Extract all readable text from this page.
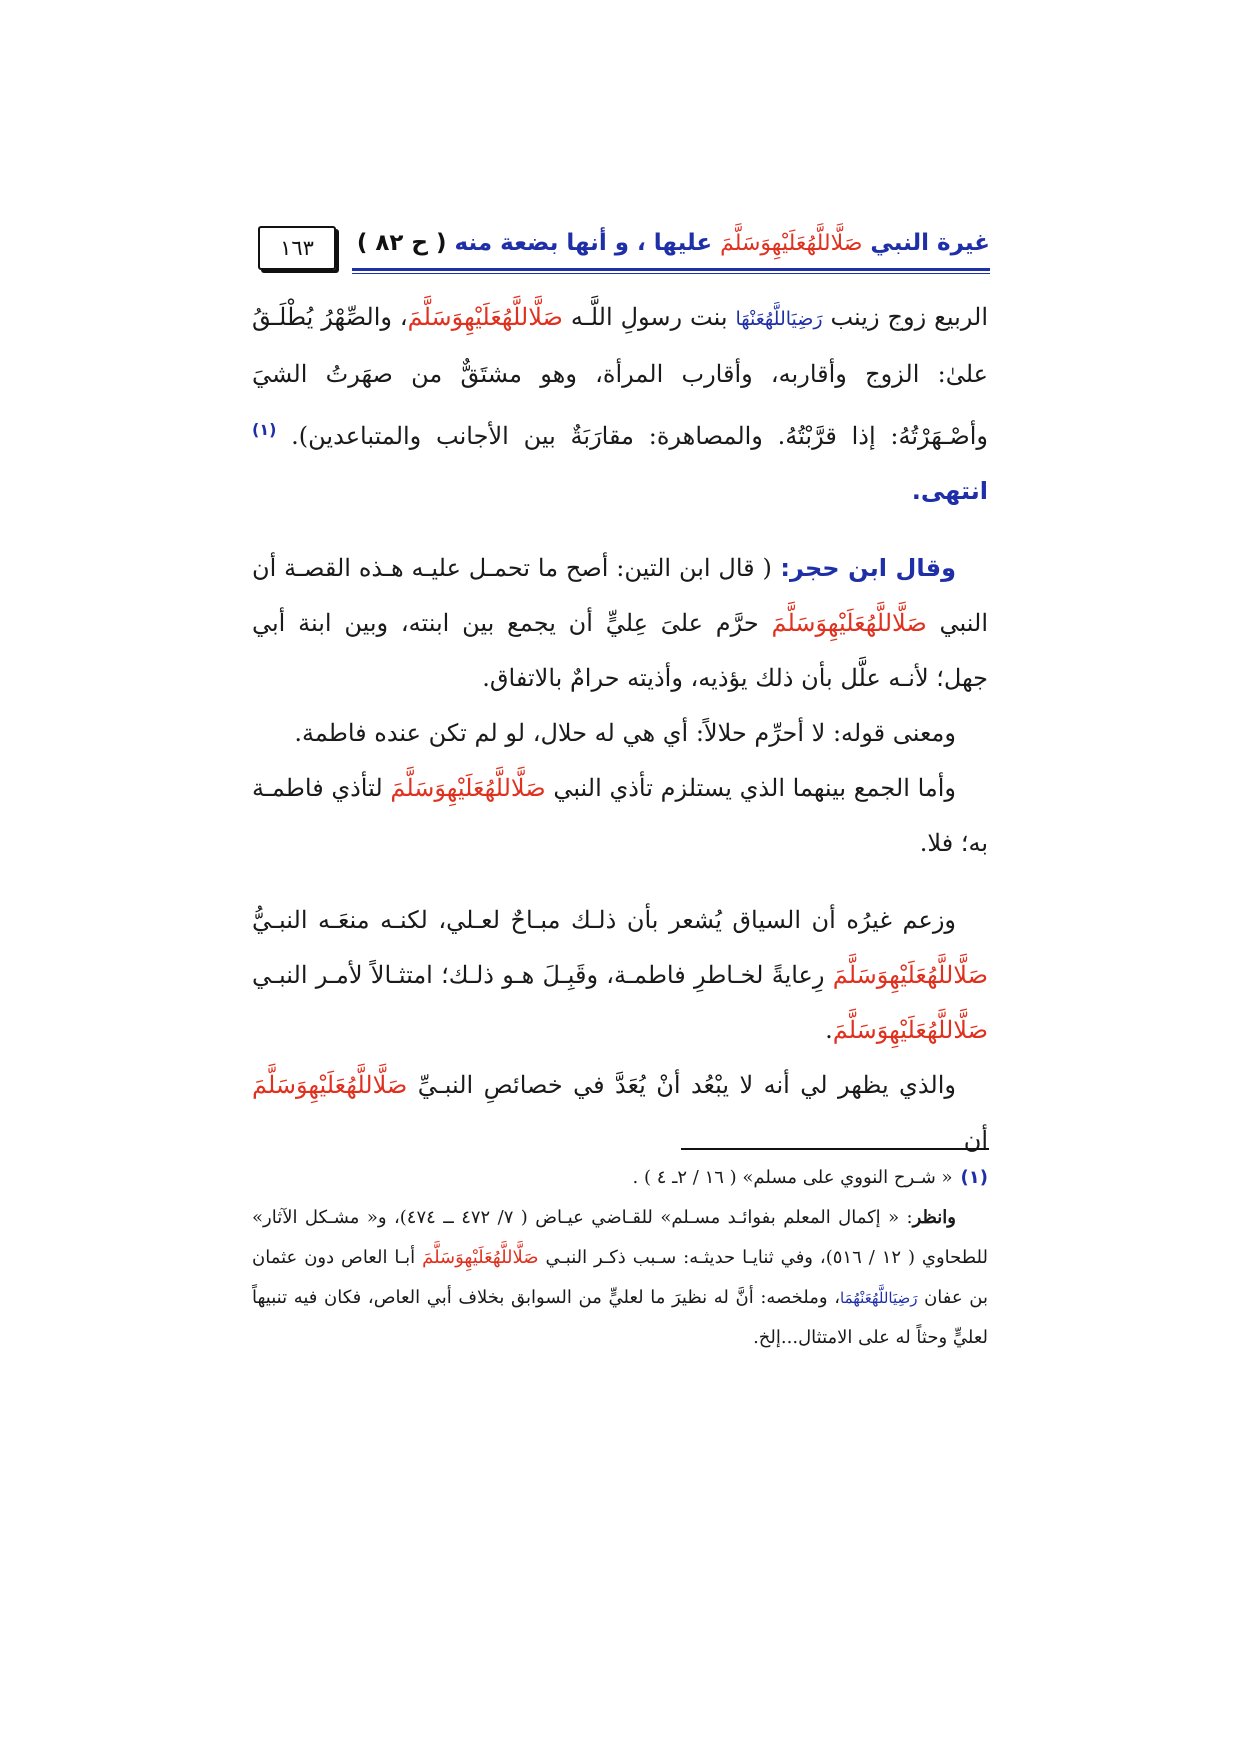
غيرة النبي صَلَّاللَّهُعَلَيْهِوَسَلَّمَ عليها ، و أنها بضعة منه ( ح ٨٢ )
١٦٣

الربيع زوج زينب رَضِيَاللَّهُعَنْهَا بنت رسولِ اللَّـه صَلَّاللَّهُعَلَيْهِوَسَلَّمَ، والصِّهْرُ يُطْلَـقُ علىٰ: الزوج وأقاربه، وأقارب المرأة، وهو مشتَقٌّ من صهَرتُ الشيَ وأصْـهَرْتُهُ: إذا قرَّبْتُهُ. والمصاهرة: مقارَبَةٌ بين الأجانب والمتباعدين). $^{(١)}$ انتهى.

وقال ابن حجر: ( قال ابن التين: أصح ما تحمـل عليـه هـذه القصـة أن النبي صَلَّاللَّهُعَلَيْهِوَسَلَّمَ حرَّم علىَ عِليٍّ أن يجمع بين ابنته، وبين ابنة أبي جهل؛ لأنـه علَّل بأن ذلك يؤذيه، وأذيته حرامٌ بالاتفاق.

ومعنى قوله: لا أحرِّم حلالاً: أي هي له حلال، لو لم تكن عنده فاطمة.

وأما الجمع بينهما الذي يستلزم تأذي النبي صَلَّاللَّهُعَلَيْهِوَسَلَّمَ لتأذي فاطمـة به؛ فلا.

وزعم غيرُه أن السياق يُشعر بأن ذلـك مبـاحٌ لعـلي، لكنـه منعَـه النبـيُّ صَلَّاللَّهُعَلَيْهِوَسَلَّمَ رِعايةً لخـاطرِ فاطمـة، وقَبِـلَ هـو ذلـك؛ امتثـالاً لأمـر النبـي صَلَّاللَّهُعَلَيْهِوَسَلَّمَ.

والذي يظهر لي أنه لا يبْعُد أنْ يُعَدَّ في خصائصِ النبـيِّ صَلَّاللَّهُعَلَيْهِوَسَلَّمَ أن

(١)« شـرح النووي على مسلم» ( ١٦ / ٢ـ ٤ ) .

وانظر: « إكمال المعلم بفوائـد مسـلم» للقـاضي عيـاض ( ٧/ ٤٧٢ ــ ٤٧٤)، و« مشـكل الآثار» للطحاوي ( ١٢ / ٥١٦)، وفي ثنايـا حديثـه: سـبب ذكـر النبـي صَلَّاللَّهُعَلَيْهِوَسَلَّمَ أبـا العاص دون عثمان بن عفان رَضِيَاللَّهُعَنْهُمَا، وملخصه: أنَّ له نظيرَ ما لعليٍّ من السوابق بخلاف أبي العاص، فكان فيه تنبيهاً لعليٍّ وحثاً له على الامتثال...إلخ.
